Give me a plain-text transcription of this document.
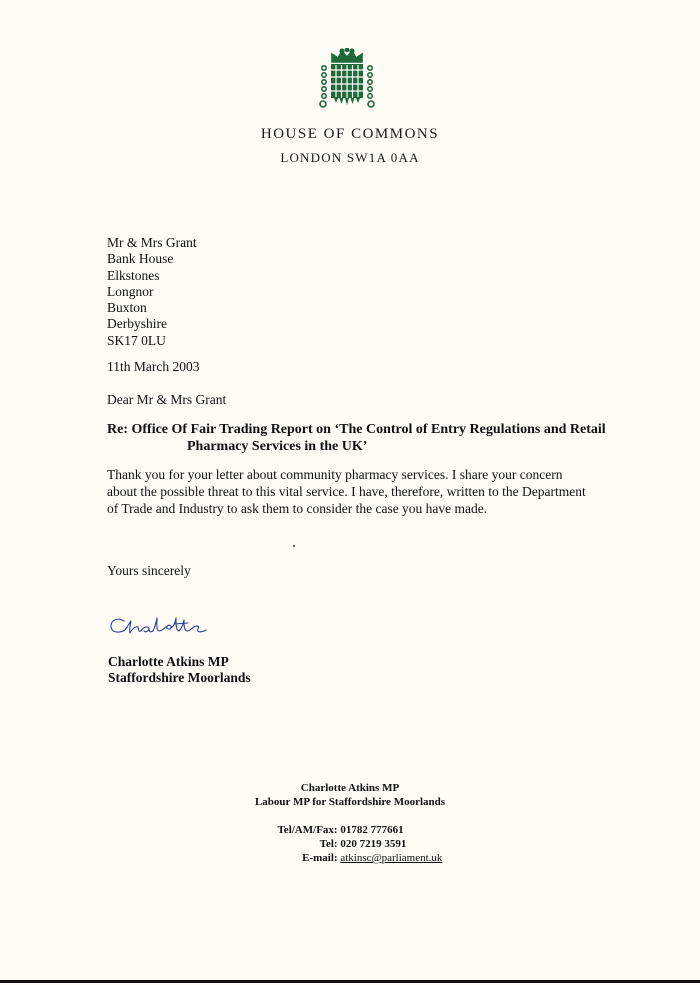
HOUSE OF COMMONS
LONDON SW1A 0AA
Mr & Mrs Grant
Bank House
Elkstones
Longnor
Buxton
Derbyshire
SK17 0LU
11th March 2003
Dear Mr & Mrs Grant
Re: Office Of Fair Trading Report on ‘The Control of Entry Regulations and Retail
Pharmacy Services in the UK’
Thank you for your letter about community pharmacy services. I share your concern
about the possible threat to this vital service. I have, therefore, written to the Department
of Trade and Industry to ask them to consider the case you have made.
Yours sincerely
Charlotte Atkins MP
Staffordshire Moorlands
Charlotte Atkins MP
Labour MP for Staffordshire Moorlands
Tel/AM/Fax: 01782 777661
Tel: 020 7219 3591
E-mail: atkinsc@parliament.uk
